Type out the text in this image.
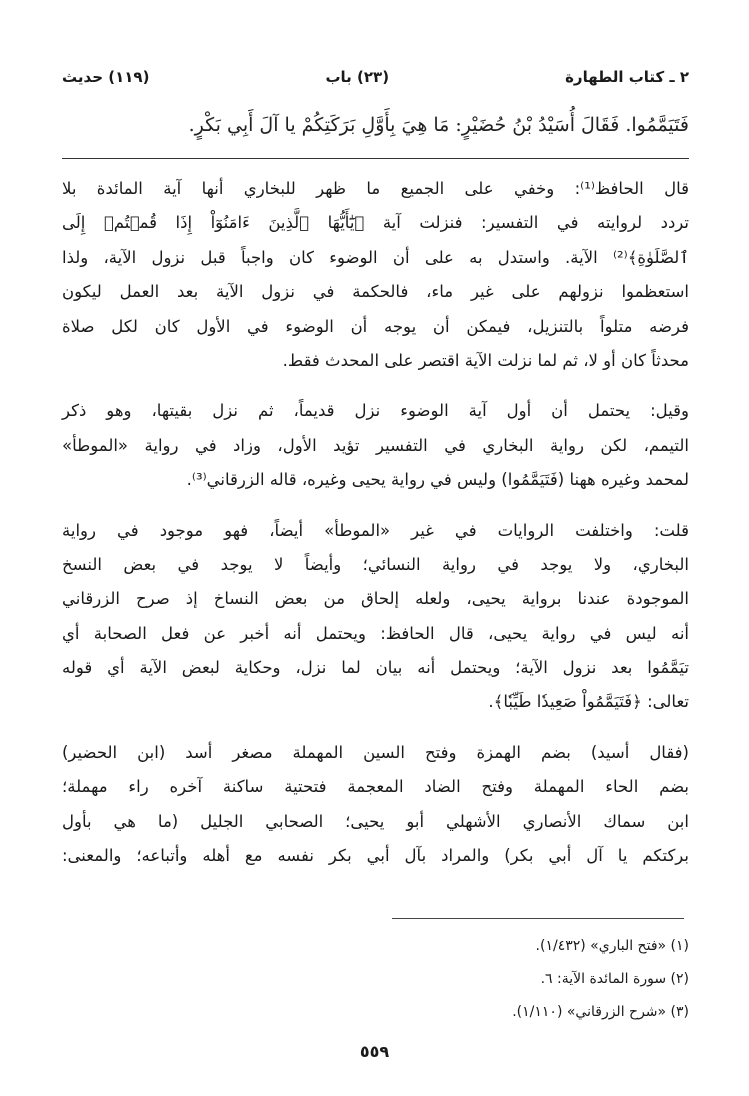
٢ ـ كتاب الطهارة
(٢٣) باب
(١١٩) حديث
فَتَيَمَّمُوا. فَقَالَ أُسَيْدُ بْنُ حُضَيْرٍ: مَا هِيَ بِأَوَّلِ بَرَكَتِكُمْ يا آلَ أَبِي بَكْرٍ.
قال الحافظ⁽¹⁾: وخفي على الجميع ما ظهر للبخاري أنها آية المائدة بلا
تردد لروايته في التفسير: فنزلت آية ﴿يَٰٓأَيُّهَا ٱلَّذِينَ ءَامَنُوٓاْ إِذَا قُمۡتُمۡ إِلَى
ٱلصَّلَوٰةِ﴾⁽²⁾ الآية. واستدل به على أن الوضوء كان واجباً قبل نزول الآية، ولذا
استعظموا نزولهم على غير ماء، فالحكمة في نزول الآية بعد العمل ليكون
فرضه متلواً بالتنزيل، فيمكن أن يوجه أن الوضوء في الأول كان لكل صلاة
محدثاً كان أو لا، ثم لما نزلت الآية اقتصر على المحدث فقط.
وقيل: يحتمل أن أول آية الوضوء نزل قديماً، ثم نزل بقيتها، وهو ذكر
التيمم، لكن رواية البخاري في التفسير تؤيد الأول، وزاد في رواية «الموطأ»
لمحمد وغيره ههنا (فَتَيَمَّمُوا) وليس في رواية يحيى وغيره، قاله الزرقاني⁽³⁾.
قلت: واختلفت الروايات في غير «الموطأ» أيضاً، فهو موجود في رواية
البخاري، ولا يوجد في رواية النسائي؛ وأيضاً لا يوجد في بعض النسخ
الموجودة عندنا برواية يحيى، ولعله إلحاق من بعض النساخ إذ صرح الزرقاني
أنه ليس في رواية يحيى، قال الحافظ: ويحتمل أنه أخبر عن فعل الصحابة أي
تيَمَّمُوا بعد نزول الآية؛ ويحتمل أنه بيان لما نزل، وحكاية لبعض الآية أي قوله
تعالى: ﴿فَتَيَمَّمُواْ صَعِيدٗا طَيِّبٗا﴾.
(فقال أسيد) بضم الهمزة وفتح السين المهملة مصغر أسد (ابن الحضير)
بضم الحاء المهملة وفتح الضاد المعجمة فتحتية ساكنة آخره راء مهملة؛
ابن سماك الأنصاري الأشهلي أبو يحيى؛ الصحابي الجليل (ما هي بأول
بركتكم يا آل أبي بكر) والمراد بآل أبي بكر نفسه مع أهله وأتباعه؛ والمعنى:
(١) «فتح الباري» (١/٤٣٢).
(٢) سورة المائدة الآية: ٦.
(٣) «شرح الزرقاني» (١/١١٠).
٥٥٩
